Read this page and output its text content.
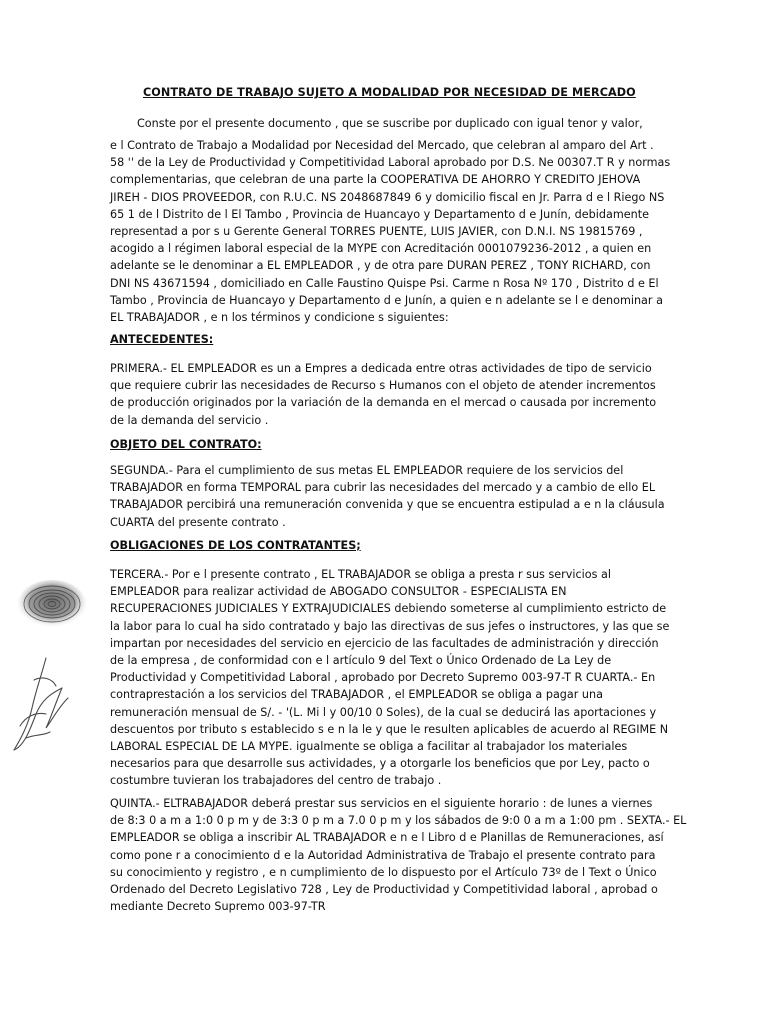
CONTRATO DE TRABAJO SUJETO A MODALIDAD POR NECESIDAD DE MERCADO
Conste por el presente documento , que se suscribe por duplicado con igual tenor y valor,
e l Contrato de Trabajo a Modalidad por Necesidad del Mercado, que celebran al amparo del Art .
58 '' de la Ley de Productividad y Competitividad Laboral aprobado por D.S. Ne 00307.T R y normas
complementarias, que celebran de una parte la COOPERATIVA DE AHORRO Y CREDITO JEHOVA
JIREH - DIOS PROVEEDOR, con R.U.C. NS 2048687849 6 y domicilio fiscal en Jr. Parra d e l Riego NS
65 1 de l Distrito de l El Tambo , Provincia de Huancayo y Departamento d e Junín, debidamente
representad a por s u Gerente General TORRES PUENTE, LUIS JAVIER, con D.N.I. NS 19815769 ,
acogido a l régimen laboral especial de la MYPE con Acreditación 0001079236-2012 , a quien en
adelante se le denominar a EL EMPLEADOR , y de otra pare DURAN PEREZ , TONY RICHARD, con
DNI NS 43671594 , domiciliado en Calle Faustino Quispe Psi. Carme n Rosa Nº 170 , Distrito d e El
Tambo , Provincia de Huancayo y Departamento d e Junín, a quien e n adelante se l e denominar a
EL TRABAJADOR , e n los términos y condicione s siguientes:
ANTECEDENTES:
PRIMERA.- EL EMPLEADOR es un a Empres a dedicada entre otras actividades de tipo de servicio
que requiere cubrir las necesidades de Recurso s Humanos con el objeto de atender incrementos
de producción originados por la variación de la demanda en el mercad o causada por incremento
de la demanda del servicio .
OBJETO DEL CONTRATO:
SEGUNDA.- Para el cumplimiento de sus metas EL EMPLEADOR requiere de los servicios del
TRABAJADOR en forma TEMPORAL para cubrir las necesidades del mercado y a cambio de ello EL
TRABAJADOR percibirá una remuneración convenida y que se encuentra estipulad a e n la cláusula
CUARTA del presente contrato .
OBLIGACIONES DE LOS CONTRATANTES;
TERCERA.- Por e l presente contrato , EL TRABAJADOR se obliga a presta r sus servicios al
EMPLEADOR para realizar actividad de ABOGADO CONSULTOR - ESPECIALISTA EN
RECUPERACIONES JUDICIALES Y EXTRAJUDICIALES debiendo someterse al cumplimiento estricto de
la labor para lo cual ha sido contratado y bajo las directivas de sus jefes o instructores, y las que se
impartan por necesidades del servicio en ejercicio de las facultades de administración y dirección
de la empresa , de conformidad con e l artículo 9 del Text o Único Ordenado de La Ley de
Productividad y Competitividad Laboral , aprobado por Decreto Supremo 003-97-T R CUARTA.- En
contraprestación a los servicios del TRABAJADOR , el EMPLEADOR se obliga a pagar una
remuneración mensual de S/. - '(L. Mi l y 00/10 0 Soles), de la cual se deducirá las aportaciones y
descuentos por tributo s establecido s e n la le y que le resulten aplicables de acuerdo al REGIME N
LABORAL ESPECIAL DE LA MYPE. igualmente se obliga a facilitar al trabajador los materiales
necesarios para que desarrolle sus actividades, y a otorgarle los beneficios que por Ley, pacto o
costumbre tuvieran los trabajadores del centro de trabajo .
QUINTA.- ELTRABAJADOR deberá prestar sus servicios en el siguiente horario : de lunes a viernes
de 8:3 0 a m a 1:0 0 p m y de 3:3 0 p m a 7.0 0 p m y los sábados de 9:0 0 a m a 1:00 pm . SEXTA.- EL
EMPLEADOR se obliga a inscribir AL TRABAJADOR e n e l Libro d e Planillas de Remuneraciones, así
como pone r a conocimiento d e la Autoridad Administrativa de Trabajo el presente contrato para
su conocimiento y registro , e n cumplimiento de lo dispuesto por el Artículo 73º de l Text o Único
Ordenado del Decreto Legislativo 728 , Ley de Productividad y Competitividad laboral , aprobad o
mediante Decreto Supremo 003-97-TR
